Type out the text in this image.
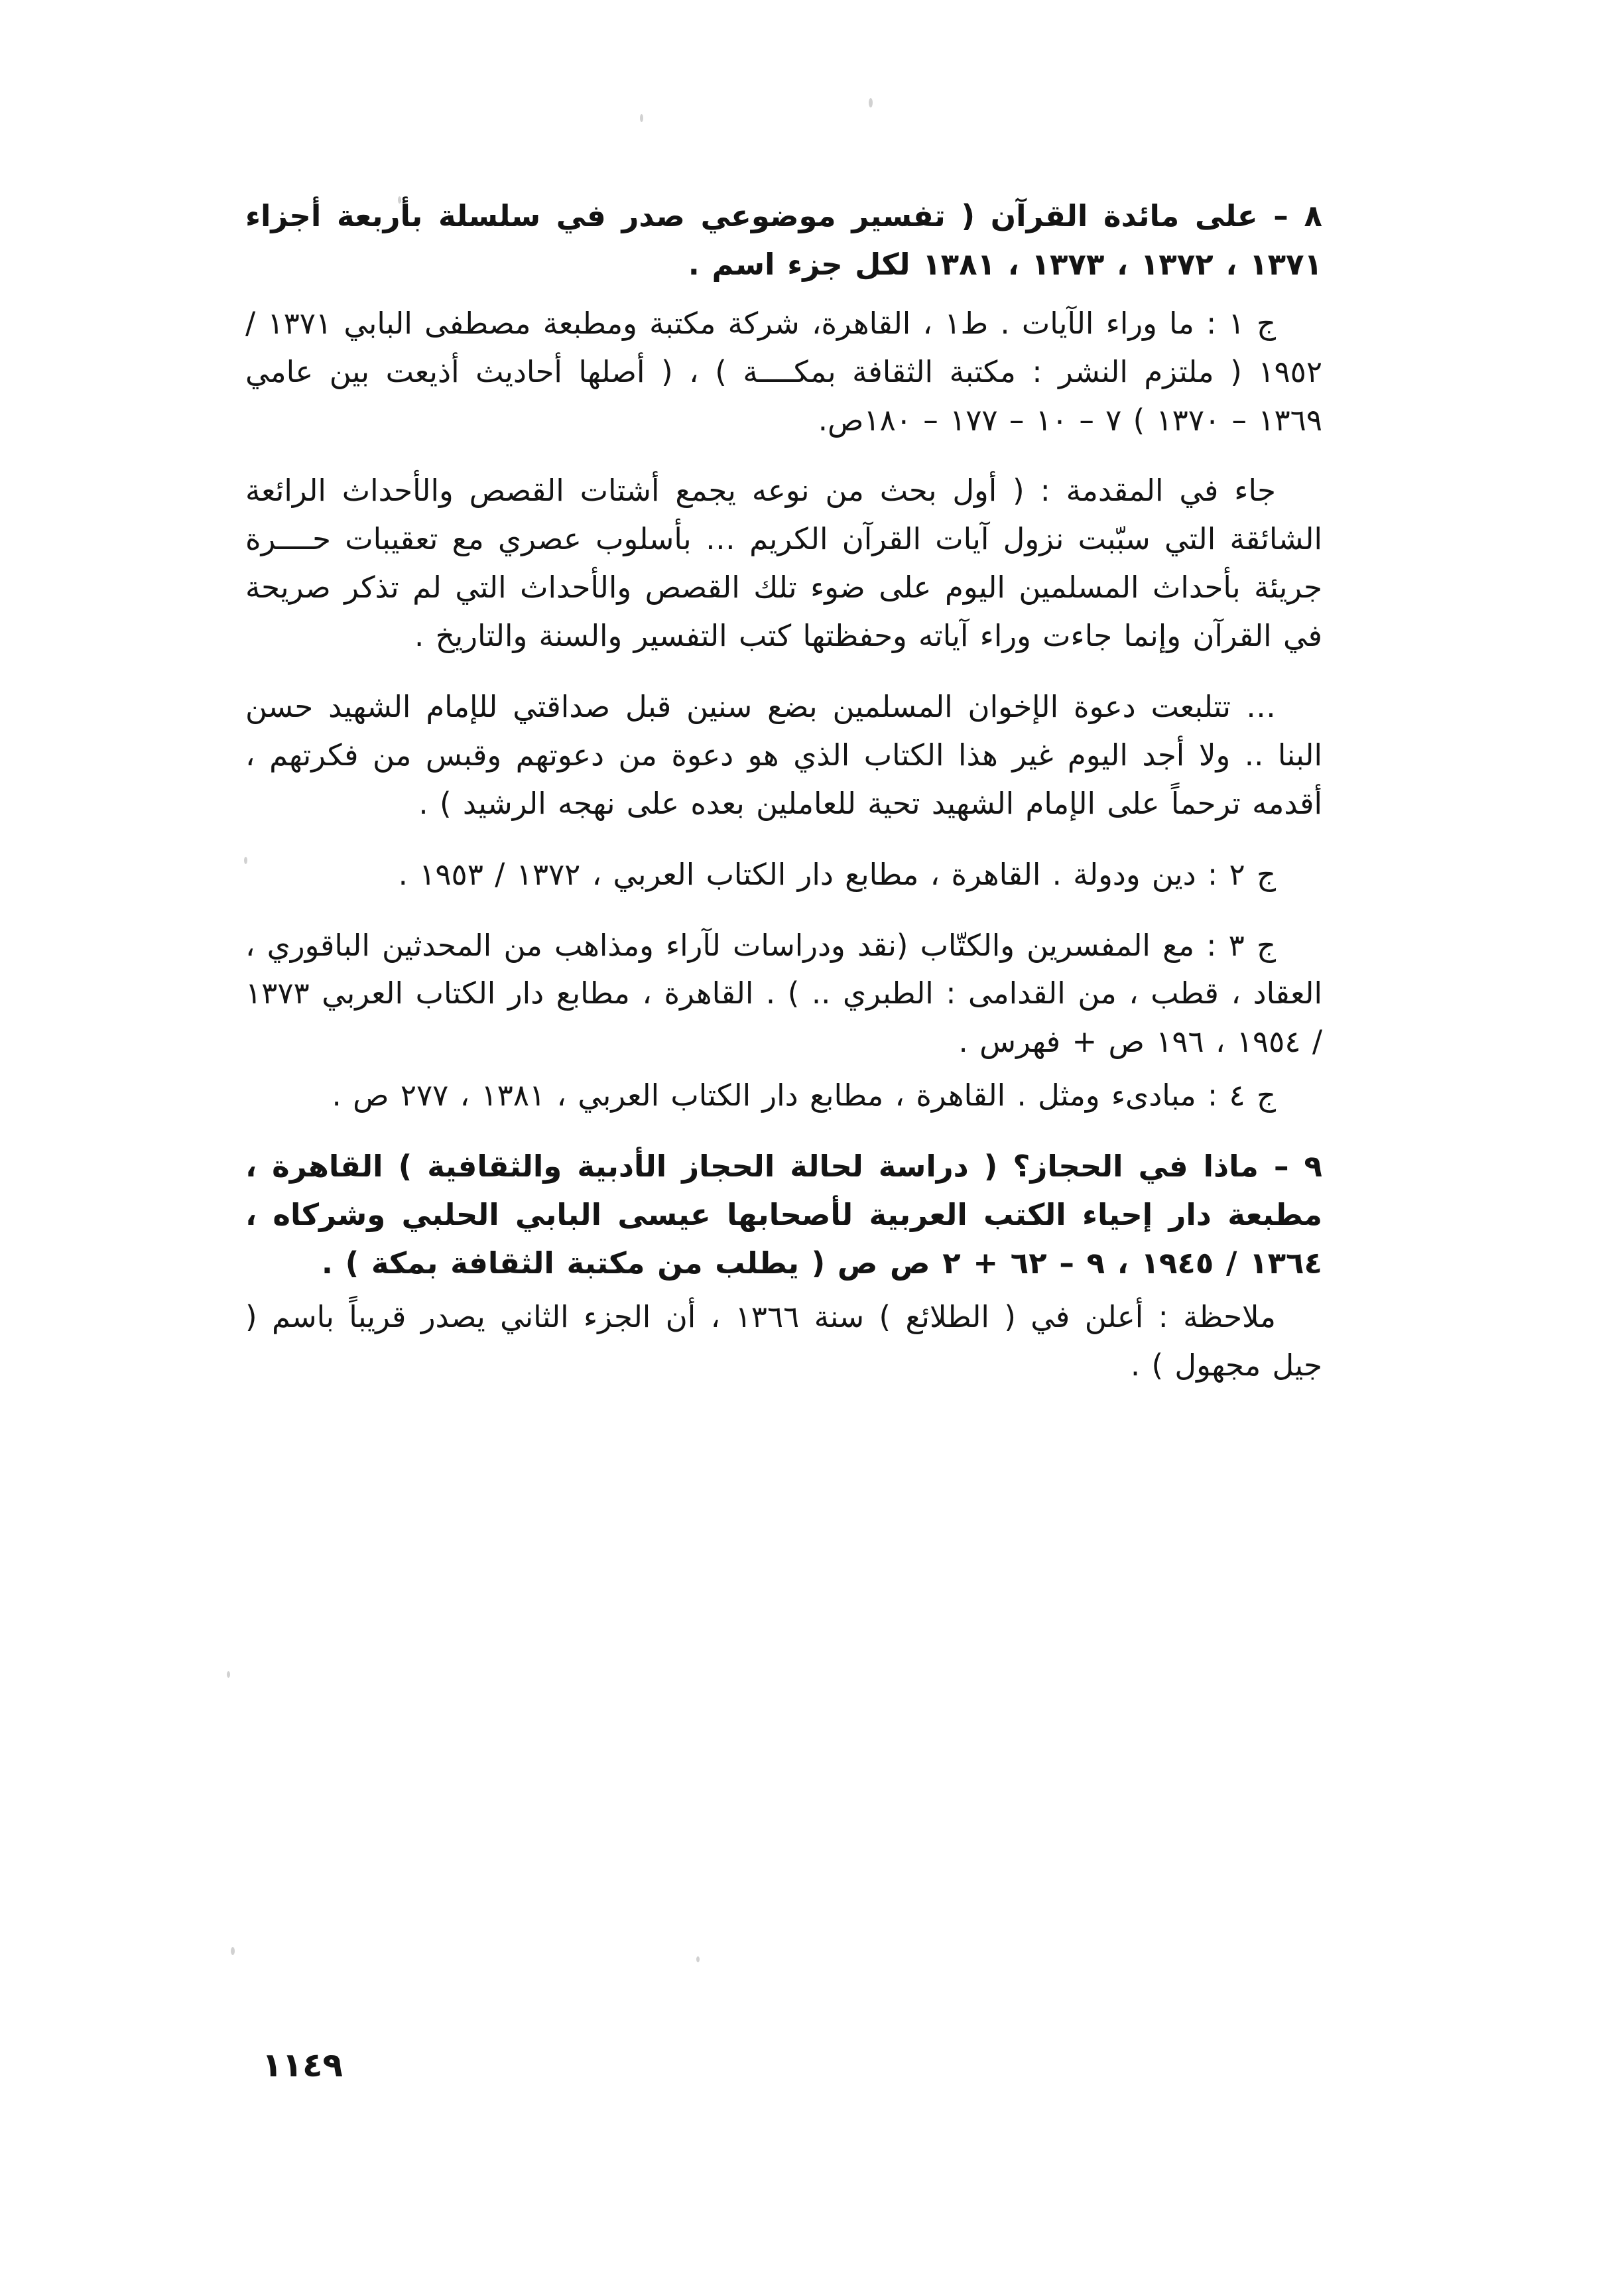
٨ – على مائدة القرآن ( تفسير موضوعي صدر في سلسلة بأربعة أجزاء ١٣٧١ ، ١٣٧٢ ، ١٣٧٣ ، ١٣٨١ لكل جزء اسم .

ج ١ : ما وراء الآيات . ط١ ، القاهرة، شركة مكتبة ومطبعة مصطفى البابي ١٣٧١ / ١٩٥٢ ( ملتزم النشر : مكتبة الثقافة بمكــــة ) ، ( أصلها أحاديث أذيعت بين عامي ١٣٦٩ – ١٣٧٠ ) ٧ – ١٠ – ١٧٧ – ١٨٠ص.

جاء في المقدمة : ( أول بحث من نوعه يجمع أشتات القصص والأحداث الرائعة الشائقة التي سبّبت نزول آيات القرآن الكريم … بأسلوب عصري مع تعقيبات حــــرة جريئة بأحداث المسلمين اليوم على ضوء تلك القصص والأحداث التي لم تذكر صريحة في القرآن وإنما جاءت وراء آياته وحفظتها كتب التفسير والسنة والتاريخ .

… تتلبعت دعوة الإخوان المسلمين بضع سنين قبل صداقتي للإمام الشهيد حسن البنا .. ولا أجد اليوم غير هذا الكتاب الذي هو دعوة من دعوتهم وقبس من فكرتهم ، أقدمه ترحماً على الإمام الشهيد تحية للعاملين بعده على نهجه الرشيد ) .

ج ٢ : دين ودولة . القاهرة ، مطابع دار الكتاب العربي ، ١٣٧٢ / ١٩٥٣ .

ج ٣ : مع المفسرين والكتّاب (نقد ودراسات لآراء ومذاهب من المحدثين الباقوري ، العقاد ، قطب ، من القدامى : الطبري .. ) . القاهرة ، مطابع دار الكتاب العربي ١٣٧٣ / ١٩٥٤ ، ١٩٦ ص + فهرس .

ج ٤ : مبادىء ومثل . القاهرة ، مطابع دار الكتاب العربي ، ١٣٨١ ، ٢٧٧ ص .

٩ – ماذا في الحجاز؟ ( دراسة لحالة الحجاز الأدبية والثقافية ) القاهرة ، مطبعة دار إحياء الكتب العربية لأصحابها عيسى البابي الحلبي وشركاه ، ١٣٦٤ / ١٩٤٥ ، ٩ – ٦٢ + ٢ ص ص ( يطلب من مكتبة الثقافة بمكة ) .

ملاحظة : أعلن في ( الطلائع ) سنة ١٣٦٦ ، أن الجزء الثاني يصدر قريباً باسم ( جيل مجهول ) .

١١٤٩
